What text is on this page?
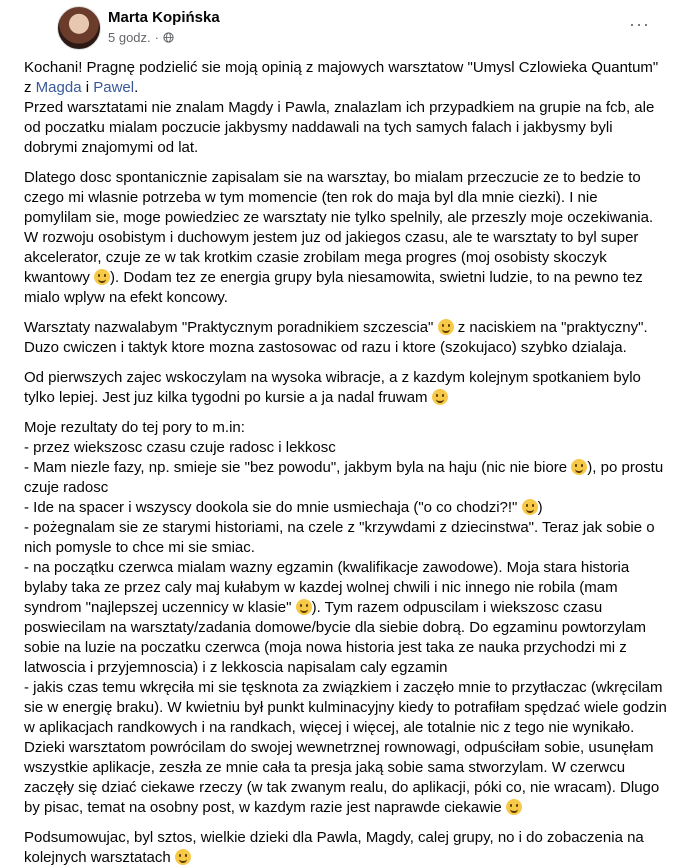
Marta Kopińska
5 godz. ·
···

Kochani! Pragnę podzielić sie moją opinią z majowych warsztatow "Umysl Czlowieka Quantum" z Magda i Pawel.
Przed warsztatami nie znalam Magdy i Pawla, znalazlam ich przypadkiem na grupie na fcb, ale od poczatku mialam poczucie jakbysmy naddawali na tych samych falach i jakbysmy byli dobrymi znajomymi od lat.

Dlatego dosc spontanicznie zapisalam sie na warsztay, bo mialam przeczucie ze to bedzie to czego mi wlasnie potrzeba w tym momencie (ten rok do maja byl dla mnie ciezki). I nie pomylilam sie, moge powiedziec ze warsztaty nie tylko spelnily, ale przeszly moje oczekiwania.
W rozwoju osobistym i duchowym jestem juz od jakiegos czasu, ale te warsztaty to byl super akcelerator, czuje ze w tak krotkim czasie zrobilam mega progres (moj osobisty skoczyk kwantowy ). Dodam tez ze energia grupy byla niesamowita, swietni ludzie, to na pewno tez mialo wplyw na efekt koncowy.

Warsztaty nazwalabym "Praktycznym poradnikiem szczescia"  z naciskiem na "praktyczny".
Duzo cwiczen i taktyk ktore mozna zastosowac od razu i ktore (szokujaco) szybko dzialaja.

Od pierwszych zajec wskoczylam na wysoka wibracje, a z kazdym kolejnym spotkaniem bylo tylko lepiej. Jest juz kilka tygodni po kursie a ja nadal fruwam

Moje rezultaty do tej pory to m.in:
- przez wiekszosc czasu czuje radosc i lekkosc
- Mam niezle fazy, np. smieje sie "bez powodu", jakbym byla na haju (nic nie biore ), po prostu czuje radosc
- Ide na spacer i wszyscy dookola sie do mnie usmiechaja ("o co chodzi?!" )
- pożegnalam sie ze starymi historiami, na czele z "krzywdami z dziecinstwa". Teraz jak sobie o nich pomysle to chce mi sie smiac.
- na początku czerwca mialam wazny egzamin (kwalifikacje zawodowe). Moja stara historia bylaby taka ze przez caly maj kułabym w kazdej wolnej chwili i nic innego nie robila (mam syndrom "najlepszej uczennicy w klasie" ). Tym razem odpuscilam i wiekszosc czasu poswiecilam na warsztaty/zadania domowe/bycie dla siebie dobrą. Do egzaminu powtorzylam sobie na luzie na poczatku czerwca (moja nowa historia jest taka ze nauka przychodzi mi z latwoscia i przyjemnoscia) i z lekkoscia napisalam caly egzamin
- jakis czas temu wkręciła mi sie tęsknota za związkiem i zaczęło mnie to przytłaczac (wkręcilam sie w energię braku). W kwietniu był punkt kulminacyjny kiedy to potrafiłam spędzać wiele godzin w aplikacjach randkowych i na randkach, więcej i więcej, ale totalnie nic z tego nie wynikało. Dzieki warsztatom powrócilam do swojej wewnetrznej rownowagi, odpuściłam sobie, usunęłam wszystkie aplikacje, zeszła ze mnie cała ta presja jaką sobie sama stworzylam. W czerwcu zaczęły się dziać ciekawe rzeczy (w tak zwanym realu, do aplikacji, póki co, nie wracam). Dlugo by pisac, temat na osobny post, w kazdym razie jest naprawde ciekawie

Podsumowujac, byl sztos, wielkie dzieki dla Pawla, Magdy, calej grupy, no i do zobaczenia na kolejnych warsztatach
